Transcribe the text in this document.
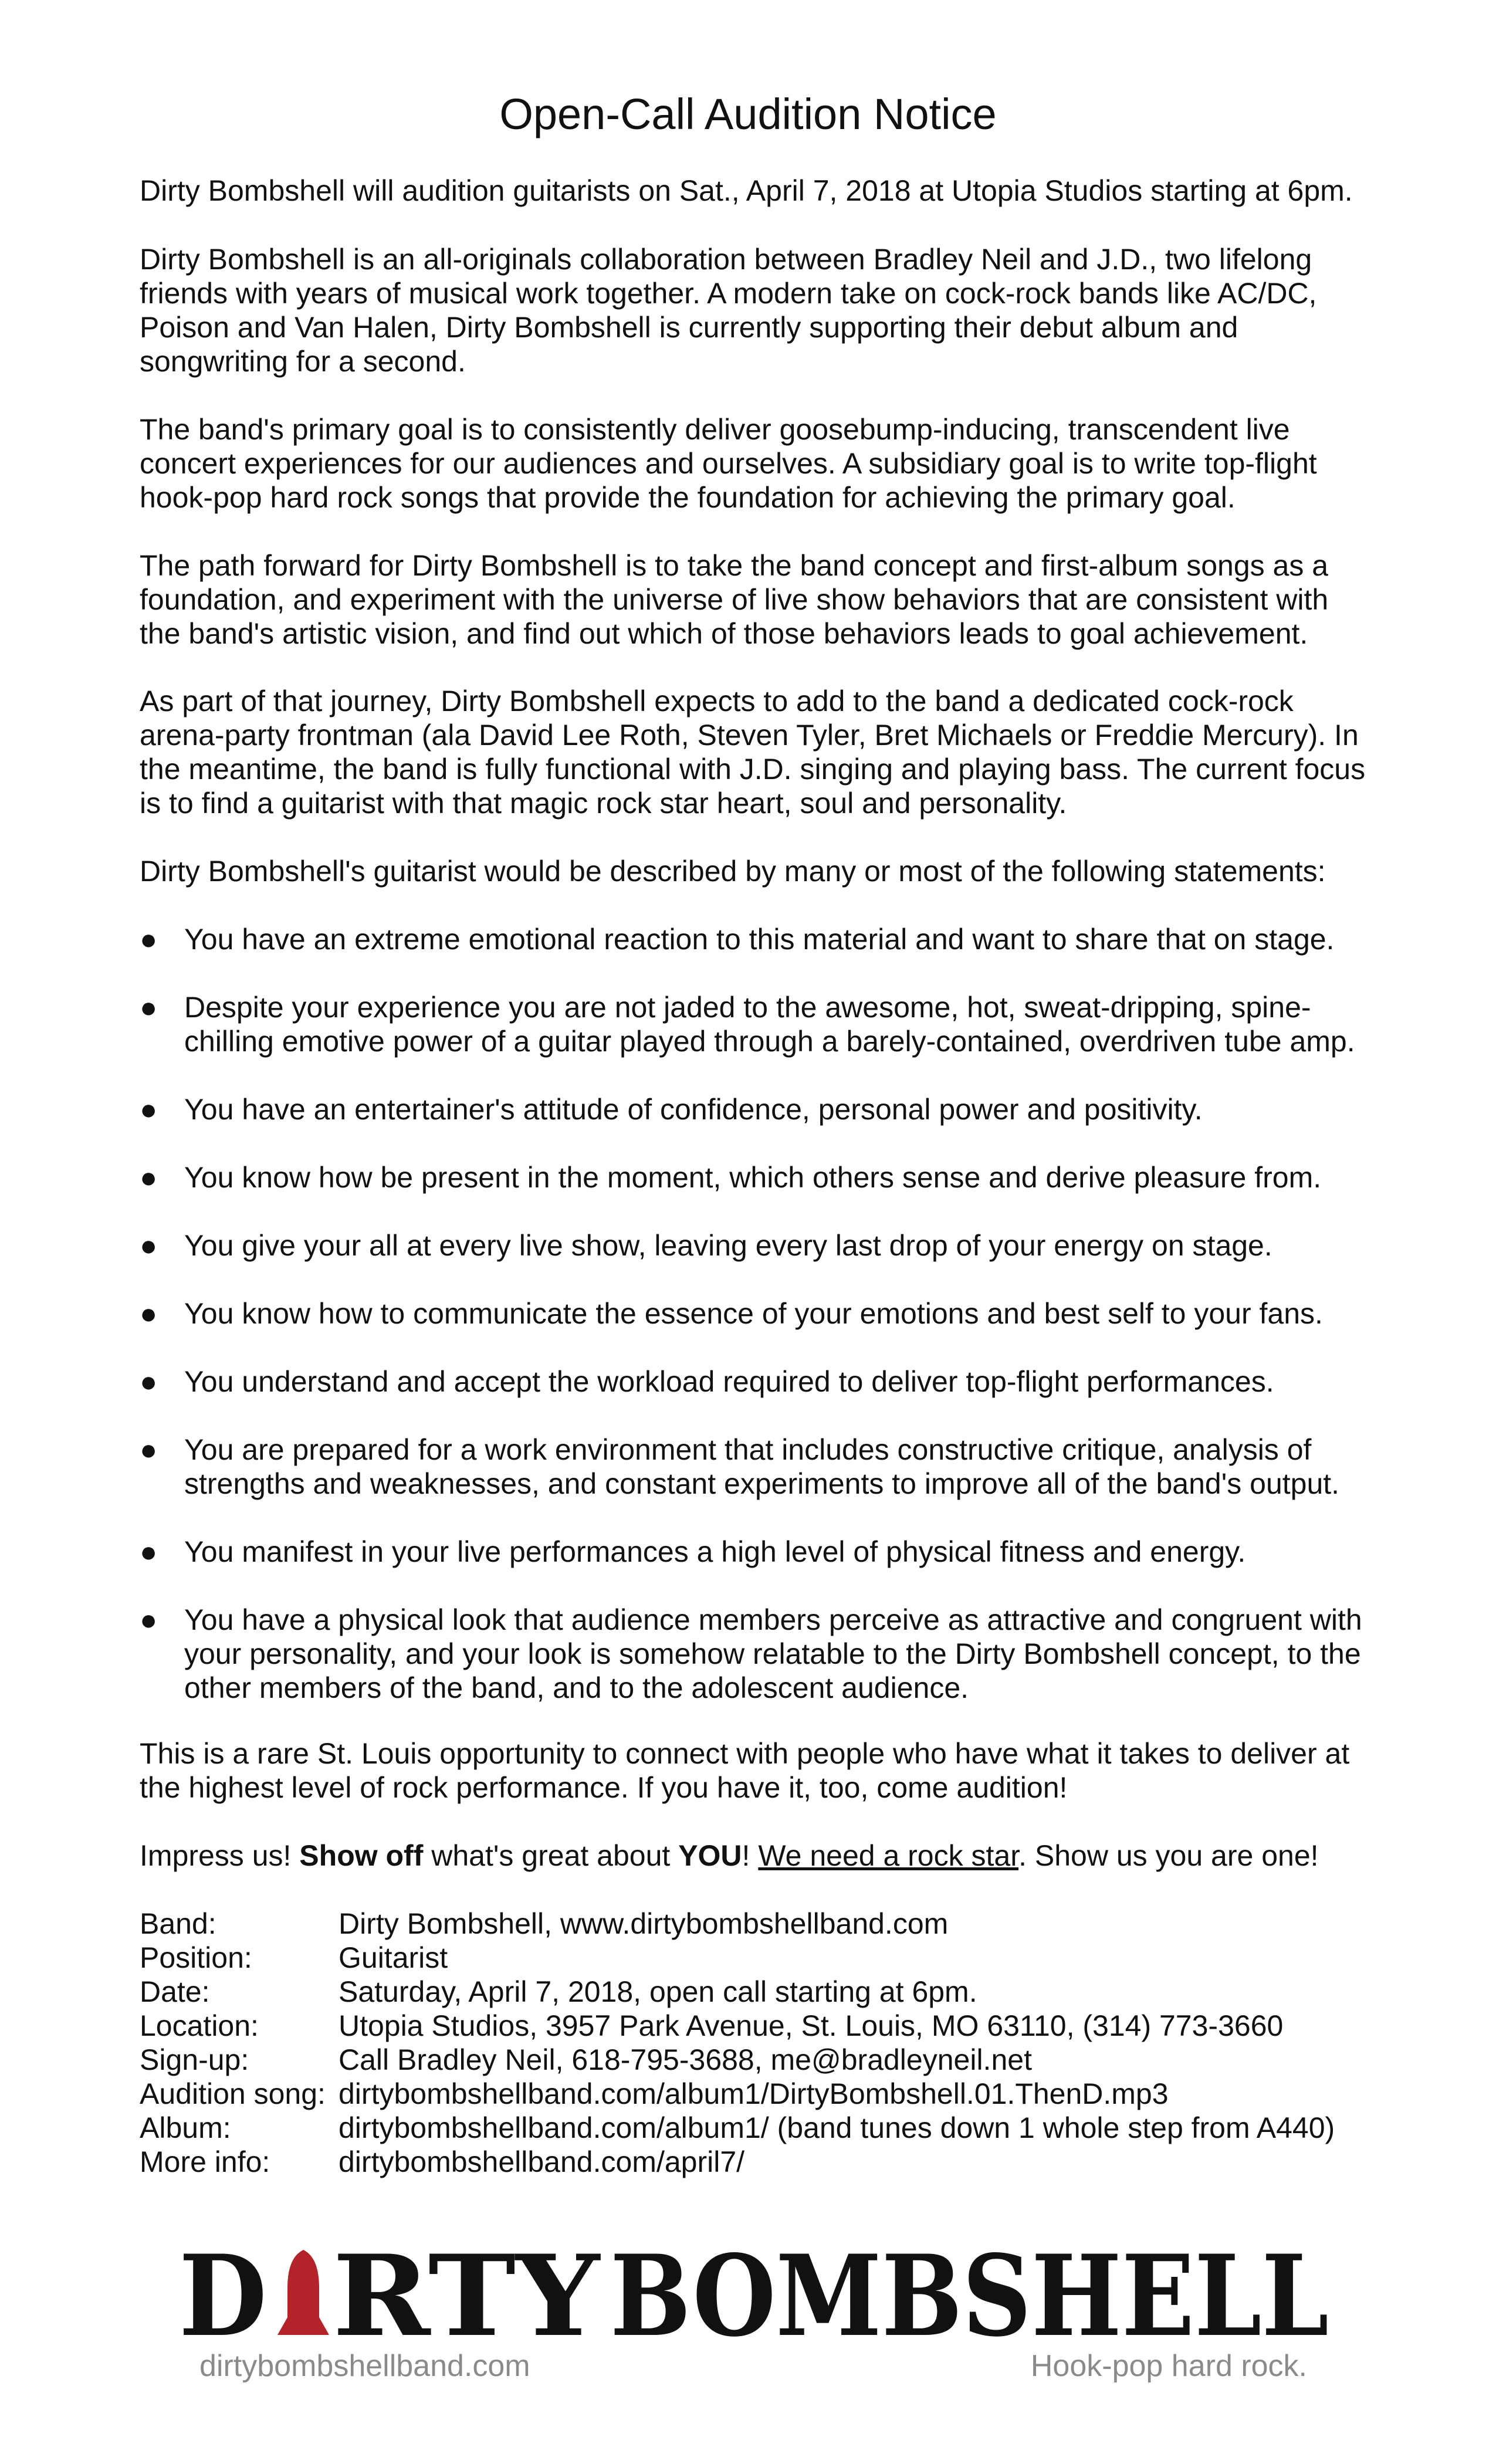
Open-Call Audition Notice

Dirty Bombshell will audition guitarists on Sat., April 7, 2018 at Utopia Studios starting at 6pm.

Dirty Bombshell is an all-originals collaboration between Bradley Neil and J.D., two lifelong friends with years of musical work together. A modern take on cock-rock bands like AC/DC, Poison and Van Halen, Dirty Bombshell is currently supporting their debut album and songwriting for a second.

The band's primary goal is to consistently deliver goosebump-inducing, transcendent live concert experiences for our audiences and ourselves. A subsidiary goal is to write top-flight hook-pop hard rock songs that provide the foundation for achieving the primary goal.

The path forward for Dirty Bombshell is to take the band concept and first-album songs as a foundation, and experiment with the universe of live show behaviors that are consistent with the band's artistic vision, and find out which of those behaviors leads to goal achievement.

As part of that journey, Dirty Bombshell expects to add to the band a dedicated cock-rock arena-party frontman (ala David Lee Roth, Steven Tyler, Bret Michaels or Freddie Mercury). In the meantime, the band is fully functional with J.D. singing and playing bass. The current focus is to find a guitarist with that magic rock star heart, soul and personality.

Dirty Bombshell's guitarist would be described by many or most of the following statements:

● You have an extreme emotional reaction to this material and want to share that on stage.
● Despite your experience you are not jaded to the awesome, hot, sweat-dripping, spine-chilling emotive power of a guitar played through a barely-contained, overdriven tube amp.
● You have an entertainer's attitude of confidence, personal power and positivity.
● You know how be present in the moment, which others sense and derive pleasure from.
● You give your all at every live show, leaving every last drop of your energy on stage.
● You know how to communicate the essence of your emotions and best self to your fans.
● You understand and accept the workload required to deliver top-flight performances.
● You are prepared for a work environment that includes constructive critique, analysis of strengths and weaknesses, and constant experiments to improve all of the band's output.
● You manifest in your live performances a high level of physical fitness and energy.
● You have a physical look that audience members perceive as attractive and congruent with your personality, and your look is somehow relatable to the Dirty Bombshell concept, to the other members of the band, and to the adolescent audience.

This is a rare St. Louis opportunity to connect with people who have what it takes to deliver at the highest level of rock performance. If you have it, too, come audition!

Impress us! Show off what's great about YOU! We need a rock star. Show us you are one!

Band:	Dirty Bombshell, www.dirtybombshellband.com
Position:	Guitarist
Date:	Saturday, April 7, 2018, open call starting at 6pm.
Location:	Utopia Studios, 3957 Park Avenue, St. Louis, MO 63110, (314) 773-3660
Sign-up:	Call Bradley Neil, 618-795-3688, me@bradleyneil.net
Audition song:	dirtybombshellband.com/album1/DirtyBombshell.01.ThenD.mp3
Album:	dirtybombshellband.com/album1/ (band tunes down 1 whole step from A440)
More info:	dirtybombshellband.com/april7/
D RTY BOMBSHELL
dirtybombshellband.com	Hook-pop hard rock.
